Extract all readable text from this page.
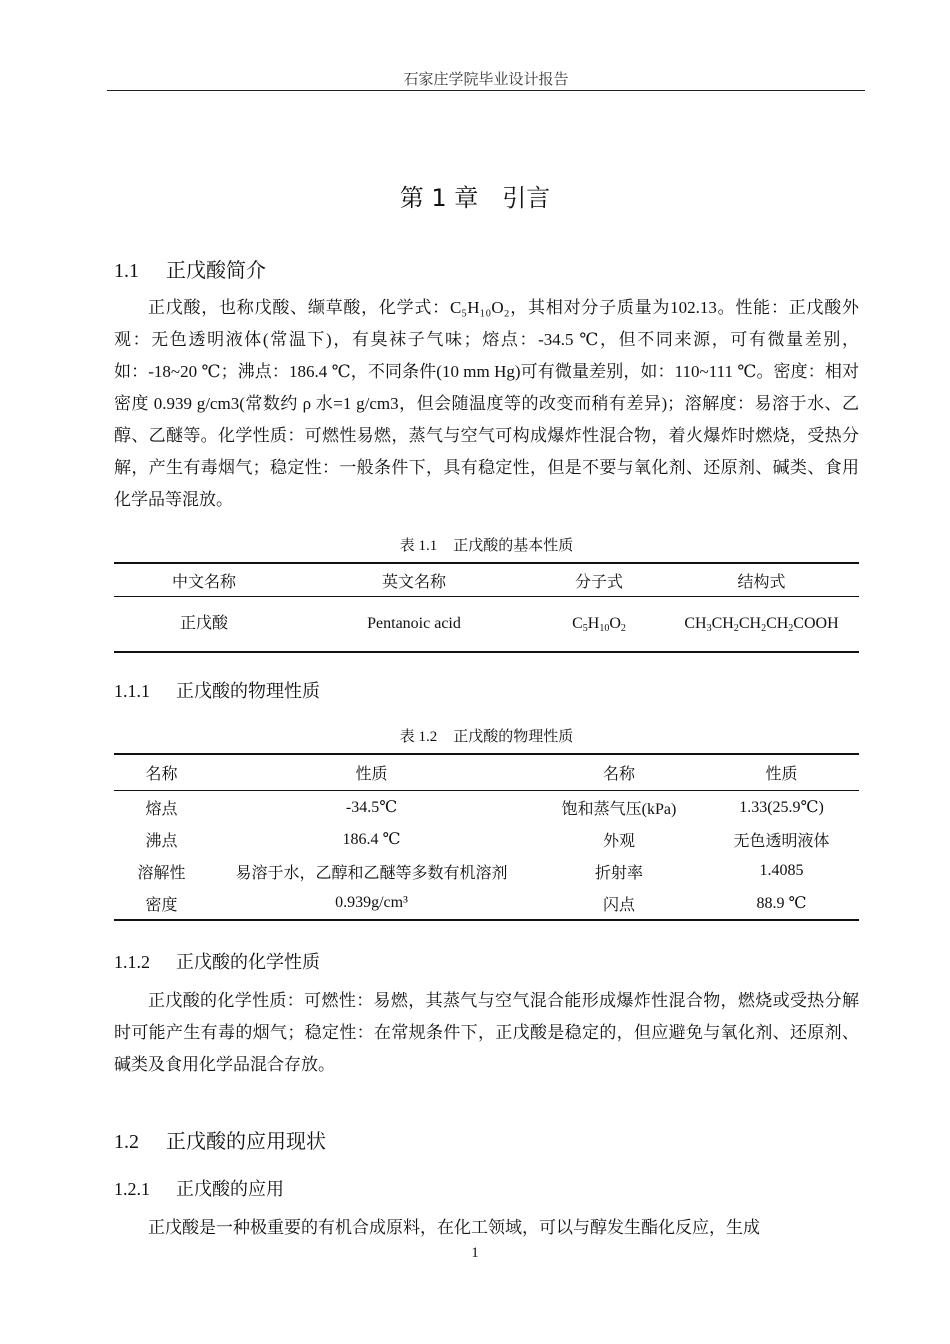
石家庄学院毕业设计报告
第 1 章　引言
1.1 正戊酸简介

正戊酸，也称戊酸、缬草酸，化学式：C₅H₁₀O₂，其相对分子质量为102.13。性能：正戊酸外观：无色透明液体(常温下)，有臭袜子气味；熔点：-34.5 ℃，但不同来源，可有微量差别，如：-18~20 ℃；沸点：186.4 ℃，不同条件(10 mm Hg)可有微量差别，如：110~111 ℃。密度：相对密度 0.939 g/cm3(常数约 ρ 水=1 g/cm3，但会随温度等的改变而稍有差异)；溶解度：易溶于水、乙醇、乙醚等。化学性质：可燃性易燃，蒸气与空气可构成爆炸性混合物，着火爆炸时燃烧，受热分解，产生有毒烟气；稳定性：一般条件下，具有稳定性，但是不要与氧化剂、还原剂、碱类、食用化学品等混放。

表 1.1 正戊酸的基本性质
中文名称	英文名称	分子式	结构式
正戊酸	Pentanoic acid	$C_5H_{10}O_2$	$CH_3CH_2CH_2CH_2COOH$
1.1.1 正戊酸的物理性质
表 1.2 正戊酸的物理性质
名称	性质	名称	性质
熔点	-34.5℃	饱和蒸气压(kPa)	1.33(25.9℃)
沸点	186.4 ℃	外观	无色透明液体
溶解性	易溶于水，乙醇和乙醚等多数有机溶剂	折射率	1.4085
密度	0.939g/cm³	闪点	88.9 ℃
1.1.2 正戊酸的化学性质

正戊酸的化学性质：可燃性：易燃，其蒸气与空气混合能形成爆炸性混合物，燃烧或受热分解时可能产生有毒的烟气；稳定性：在常规条件下，正戊酸是稳定的，但应避免与氧化剂、还原剂、碱类及食用化学品混合存放。

1.2 正戊酸的应用现状
1.2.1 正戊酸的应用

正戊酸是一种极重要的有机合成原料，在化工领域，可以与醇发生酯化反应，生成

1
